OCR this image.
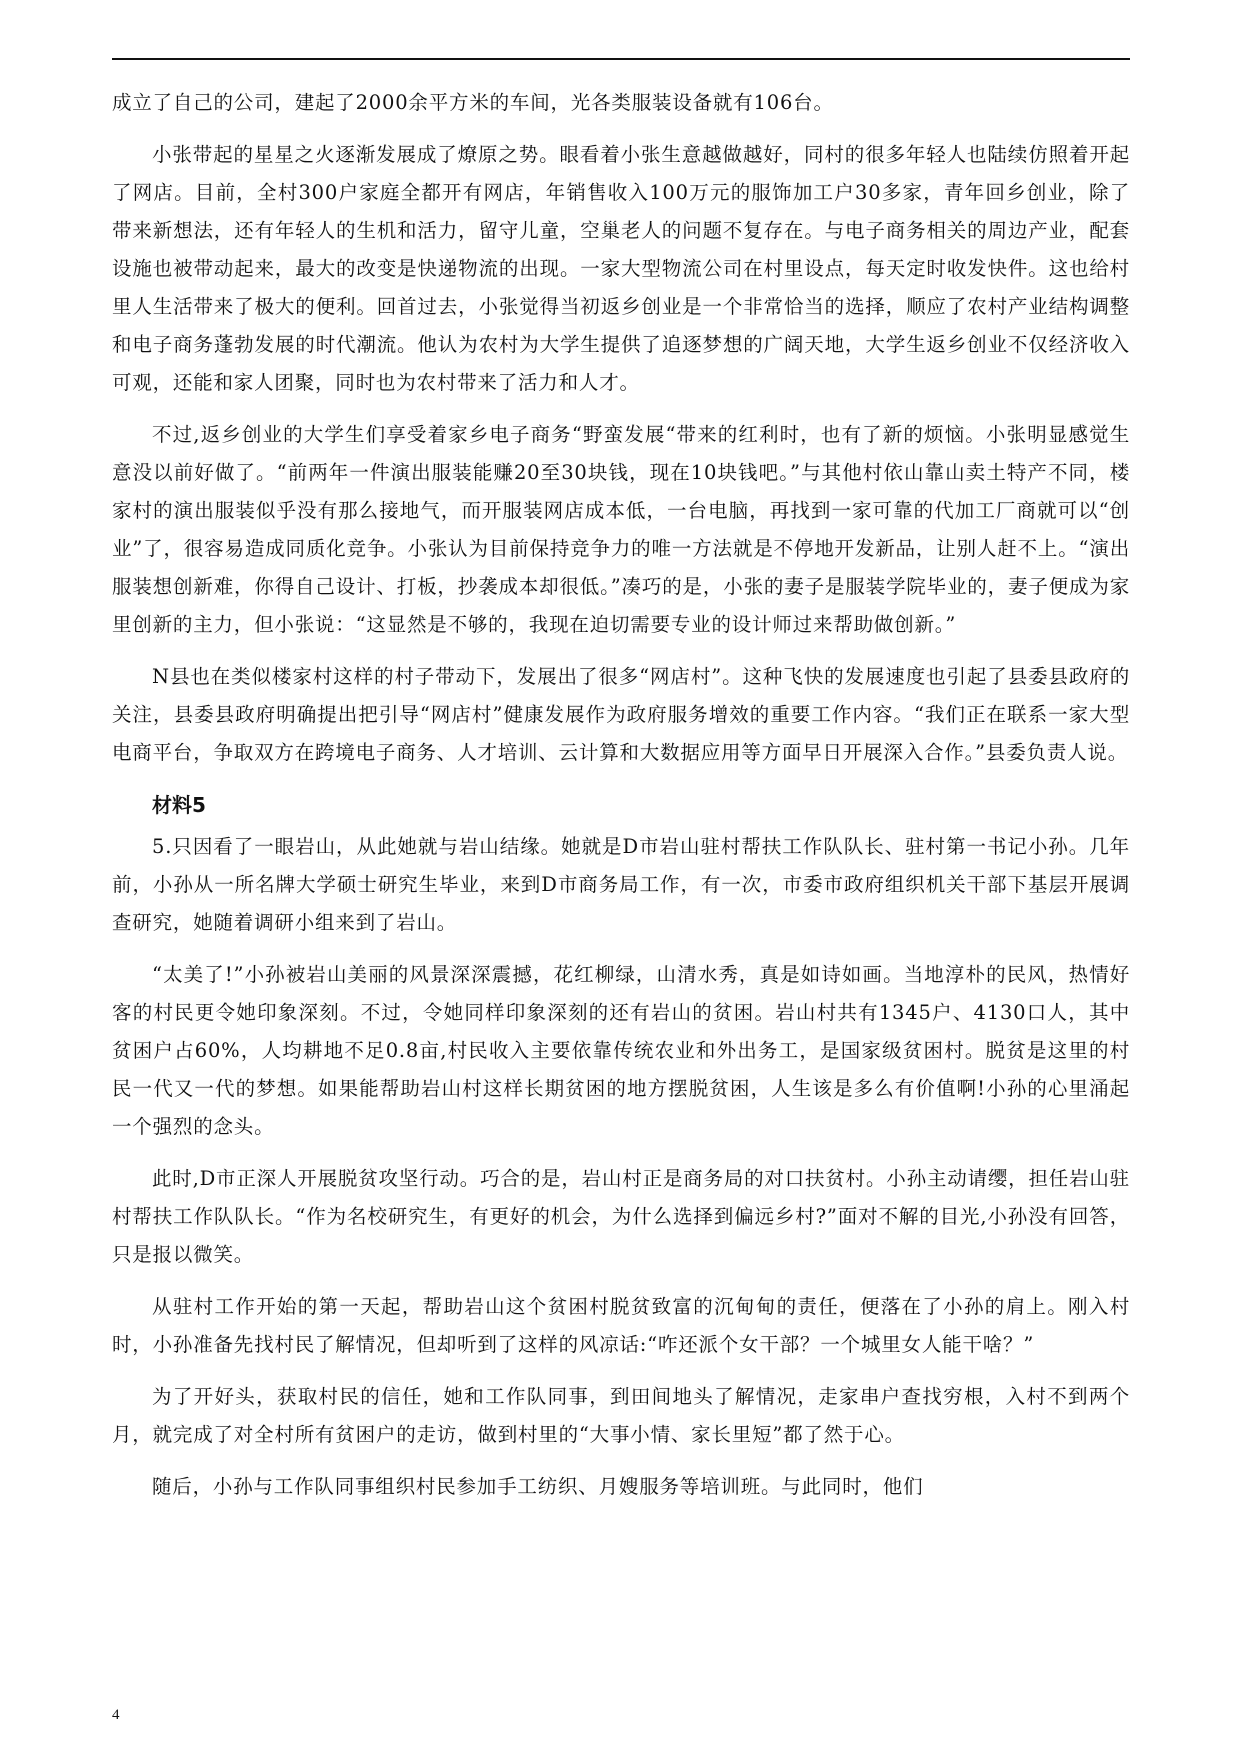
成立了自己的公司，建起了2000余平方米的车间，光各类服装设备就有106台。

小张带起的星星之火逐渐发展成了燎原之势。眼看着小张生意越做越好，同村的很多年轻人也陆续仿照着开起了网店。目前，全村300户家庭全都开有网店，年销售收入100万元的服饰加工户30多家，青年回乡创业，除了带来新想法，还有年轻人的生机和活力，留守儿童，空巢老人的问题不复存在。与电子商务相关的周边产业，配套设施也被带动起来，最大的改变是快递物流的出现。一家大型物流公司在村里设点，每天定时收发快件。这也给村里人生活带来了极大的便利。回首过去，小张觉得当初返乡创业是一个非常恰当的选择，顺应了农村产业结构调整和电子商务蓬勃发展的时代潮流。他认为农村为大学生提供了追逐梦想的广阔天地，大学生返乡创业不仅经济收入可观，还能和家人团聚，同时也为农村带来了活力和人才。

不过,返乡创业的大学生们享受着家乡电子商务“野蛮发展“带来的红利时，也有了新的烦恼。小张明显感觉生意没以前好做了。“前两年一件演出服装能赚20至30块钱，现在10块钱吧。”与其他村依山靠山卖土特产不同，楼家村的演出服装似乎没有那么接地气，而开服装网店成本低，一台电脑，再找到一家可靠的代加工厂商就可以“创业”了，很容易造成同质化竞争。小张认为目前保持竞争力的唯一方法就是不停地开发新品，让别人赶不上。“演出服装想创新难，你得自己设计、打板，抄袭成本却很低。”凑巧的是，小张的妻子是服装学院毕业的，妻子便成为家里创新的主力，但小张说：“这显然是不够的，我现在迫切需要专业的设计师过来帮助做创新。”

N县也在类似楼家村这样的村子带动下，发展出了很多“网店村”。这种飞快的发展速度也引起了县委县政府的关注，县委县政府明确提出把引导“网店村”健康发展作为政府服务增效的重要工作内容。“我们正在联系一家大型电商平台，争取双方在跨境电子商务、人才培训、云计算和大数据应用等方面早日开展深入合作。”县委负责人说。

材料5

5.只因看了一眼岩山，从此她就与岩山结缘。她就是D市岩山驻村帮扶工作队队长、驻村第一书记小孙。几年前，小孙从一所名牌大学硕士研究生毕业，来到D市商务局工作，有一次，市委市政府组织机关干部下基层开展调查研究，她随着调研小组来到了岩山。

“太美了!”小孙被岩山美丽的风景深深震撼，花红柳绿，山清水秀，真是如诗如画。当地淳朴的民风，热情好客的村民更令她印象深刻。不过，令她同样印象深刻的还有岩山的贫困。岩山村共有1345户、4130口人，其中贫困户占60%，人均耕地不足0.8亩,村民收入主要依靠传统农业和外出务工，是国家级贫困村。脱贫是这里的村民一代又一代的梦想。如果能帮助岩山村这样长期贫困的地方摆脱贫困，人生该是多么有价值啊!小孙的心里涌起一个强烈的念头。

此时,D市正深人开展脱贫攻坚行动。巧合的是，岩山村正是商务局的对口扶贫村。小孙主动请缨，担任岩山驻村帮扶工作队队长。“作为名校研究生，有更好的机会，为什么选择到偏远乡村?”面对不解的目光,小孙没有回答，只是报以微笑。

从驻村工作开始的第一天起，帮助岩山这个贫困村脱贫致富的沉甸甸的责任，便落在了小孙的肩上。刚入村时，小孙准备先找村民了解情况，但却听到了这样的风凉话:“咋还派个女干部？一个城里女人能干啥？”

为了开好头，获取村民的信任，她和工作队同事，到田间地头了解情况，走家串户查找穷根，入村不到两个月，就完成了对全村所有贫困户的走访，做到村里的“大事小情、家长里短”都了然于心。

随后，小孙与工作队同事组织村民参加手工纺织、月嫂服务等培训班。与此同时，他们

4
